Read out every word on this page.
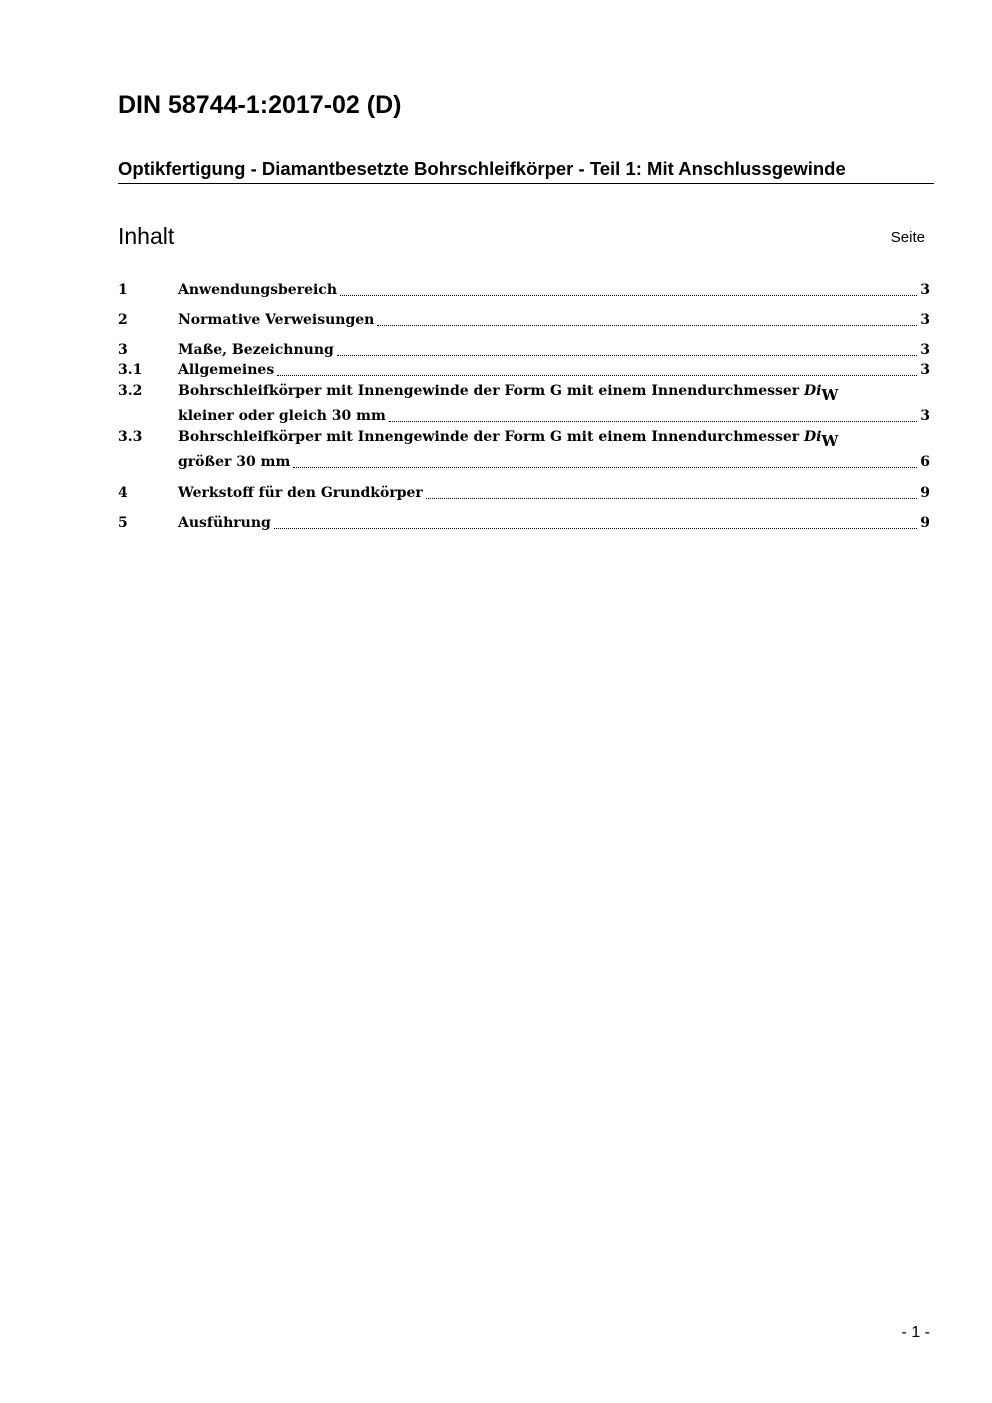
DIN 58744-1:2017-02 (D)
Optikfertigung - Diamantbesetzte Bohrschleifkörper - Teil 1: Mit Anschlussgewinde
Inhalt	Seite
1	Anwendungsbereich	3
2	Normative Verweisungen	3
3	Maße, Bezeichnung	3
3.1	Allgemeines	3
3.2	Bohrschleifkörper mit Innengewinde der Form G mit einem Innendurchmesser $Di_W$
kleiner oder gleich 30 mm	3
3.3	Bohrschleifkörper mit Innengewinde der Form G mit einem Innendurchmesser $Di_W$
größer 30 mm	6
4	Werkstoff für den Grundkörper	9
5	Ausführung	9
- 1 -
